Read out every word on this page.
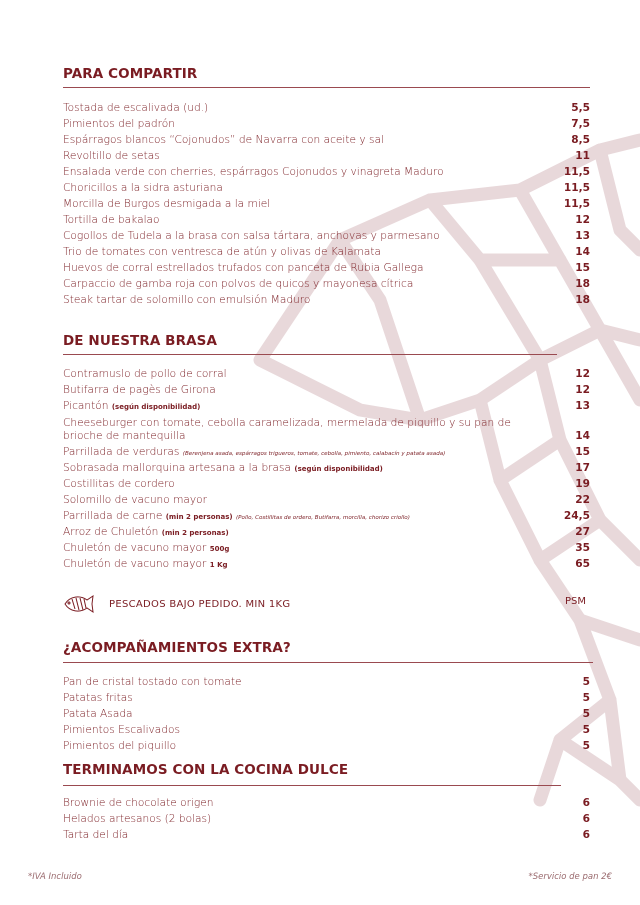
PARA COMPARTIR
Tostada de escalivada (ud.)	5,5
Pimientos del padrón	7,5
Espárragos blancos “Cojonudos” de Navarra con aceite y sal	8,5
Revoltillo de setas	11
Ensalada verde con cherries, espárragos Cojonudos y vinagreta Maduro	11,5
Choricillos a la sidra asturiana	11,5
Morcilla de Burgos desmigada a la miel	11,5
Tortilla de bakalao	12
Cogollos de Tudela a la brasa con salsa tártara, anchovas y parmesano	13
Trio de tomates con ventresca de atún y olivas de Kalamata	14
Huevos de corral estrellados trufados con panceta de Rubia Gallega	15
Carpaccio de gamba roja con polvos de quicos y mayonesa cítrica	18
Steak tartar de solomillo con emulsión Maduro	18
DE NUESTRA BRASA
Contramuslo de pollo de corral	12
Butifarra de pagès de Girona	12
Picantón (según disponibilidad)	13
Cheeseburger con tomate, cebolla caramelizada, mermelada de piquillo y su pan de
brioche de mantequilla	14
Parrillada de verduras (Berenjena asada, espárragos trigueros, tomate, cebolla, pimiento, calabacín y patata asada)	15
Sobrasada mallorquina artesana a la brasa (según disponibilidad)	17
Costillitas de cordero	19
Solomillo de vacuno mayor	22
Parrillada de carne (min 2 personas) (Pollo, Costillitas de ordero, Butifarra, morcilla, chorizo criollo)	24,5
Arroz de Chuletón (min 2 personas)	27
Chuletón de vacuno mayor 500g	35
Chuletón de vacuno mayor 1 Kg	65
PESCADOS BAJO PEDIDO. MIN 1KG	PSM
¿ACOMPAÑAMIENTOS EXTRA?
Pan de cristal tostado con tomate	5
Patatas fritas	5
Patata Asada	5
Pimientos Escalivados	5
Pimientos del piquillo	5
TERMINAMOS CON LA COCINA DULCE
Brownie de chocolate origen	6
Helados artesanos (2 bolas)	6
Tarta del día	6
*IVA Incluido	*Servicio de pan 2€
